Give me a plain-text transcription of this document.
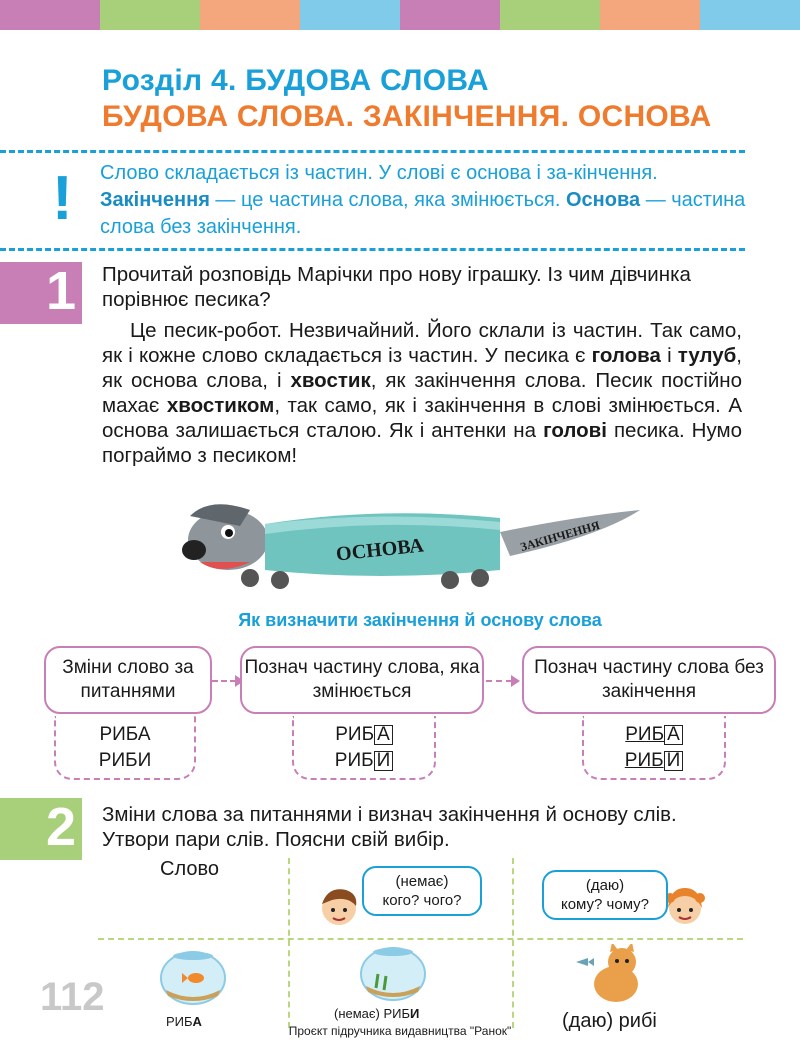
Розділ 4. БУДОВА СЛОВА
БУДОВА СЛОВА. ЗАКІНЧЕННЯ. ОСНОВА
! Слово складається із частин. У слові є основа і за-кінчення. Закінчення — це частина слова, яка змінюється. Основа — частина слова без закінчення.
1 Прочитай розповідь Марічки про нову іграшку. Із чим дівчинка порівнює песика?

Це песик-робот. Незвичайний. Його склали із частин. Так само, як і кожне слово складається із частин. У песика є голова і тулуб, як основа слова, і хвостик, як закінчення слова. Песик постійно махає хвостиком, так само, як і закінчення в слові змінюється. А основа залишається сталою. Як і антенки на голові песика. Нумо пограймо з песиком!

ОСНОВА	ЗАКІНЧЕННЯ
Як визначити закінчення й основу слова
Зміни слово за питаннями
Познач частину слова, яка змінюється
Познач частину слова без закінчення
РИБА
РИБИ
РИБ А
РИБ И
РИБ А
РИБ И
2 Зміни слова за питаннями і визнач закінчення й основу слів. Утвори пари слів. Поясни свій вибір.
Слово
(немає)
кого? чого?
(даю)
кому? чому?
РИБА
(немає) РИБИ	(даю) рибі
112
Проєкт підручника видавництва "Ранок"
